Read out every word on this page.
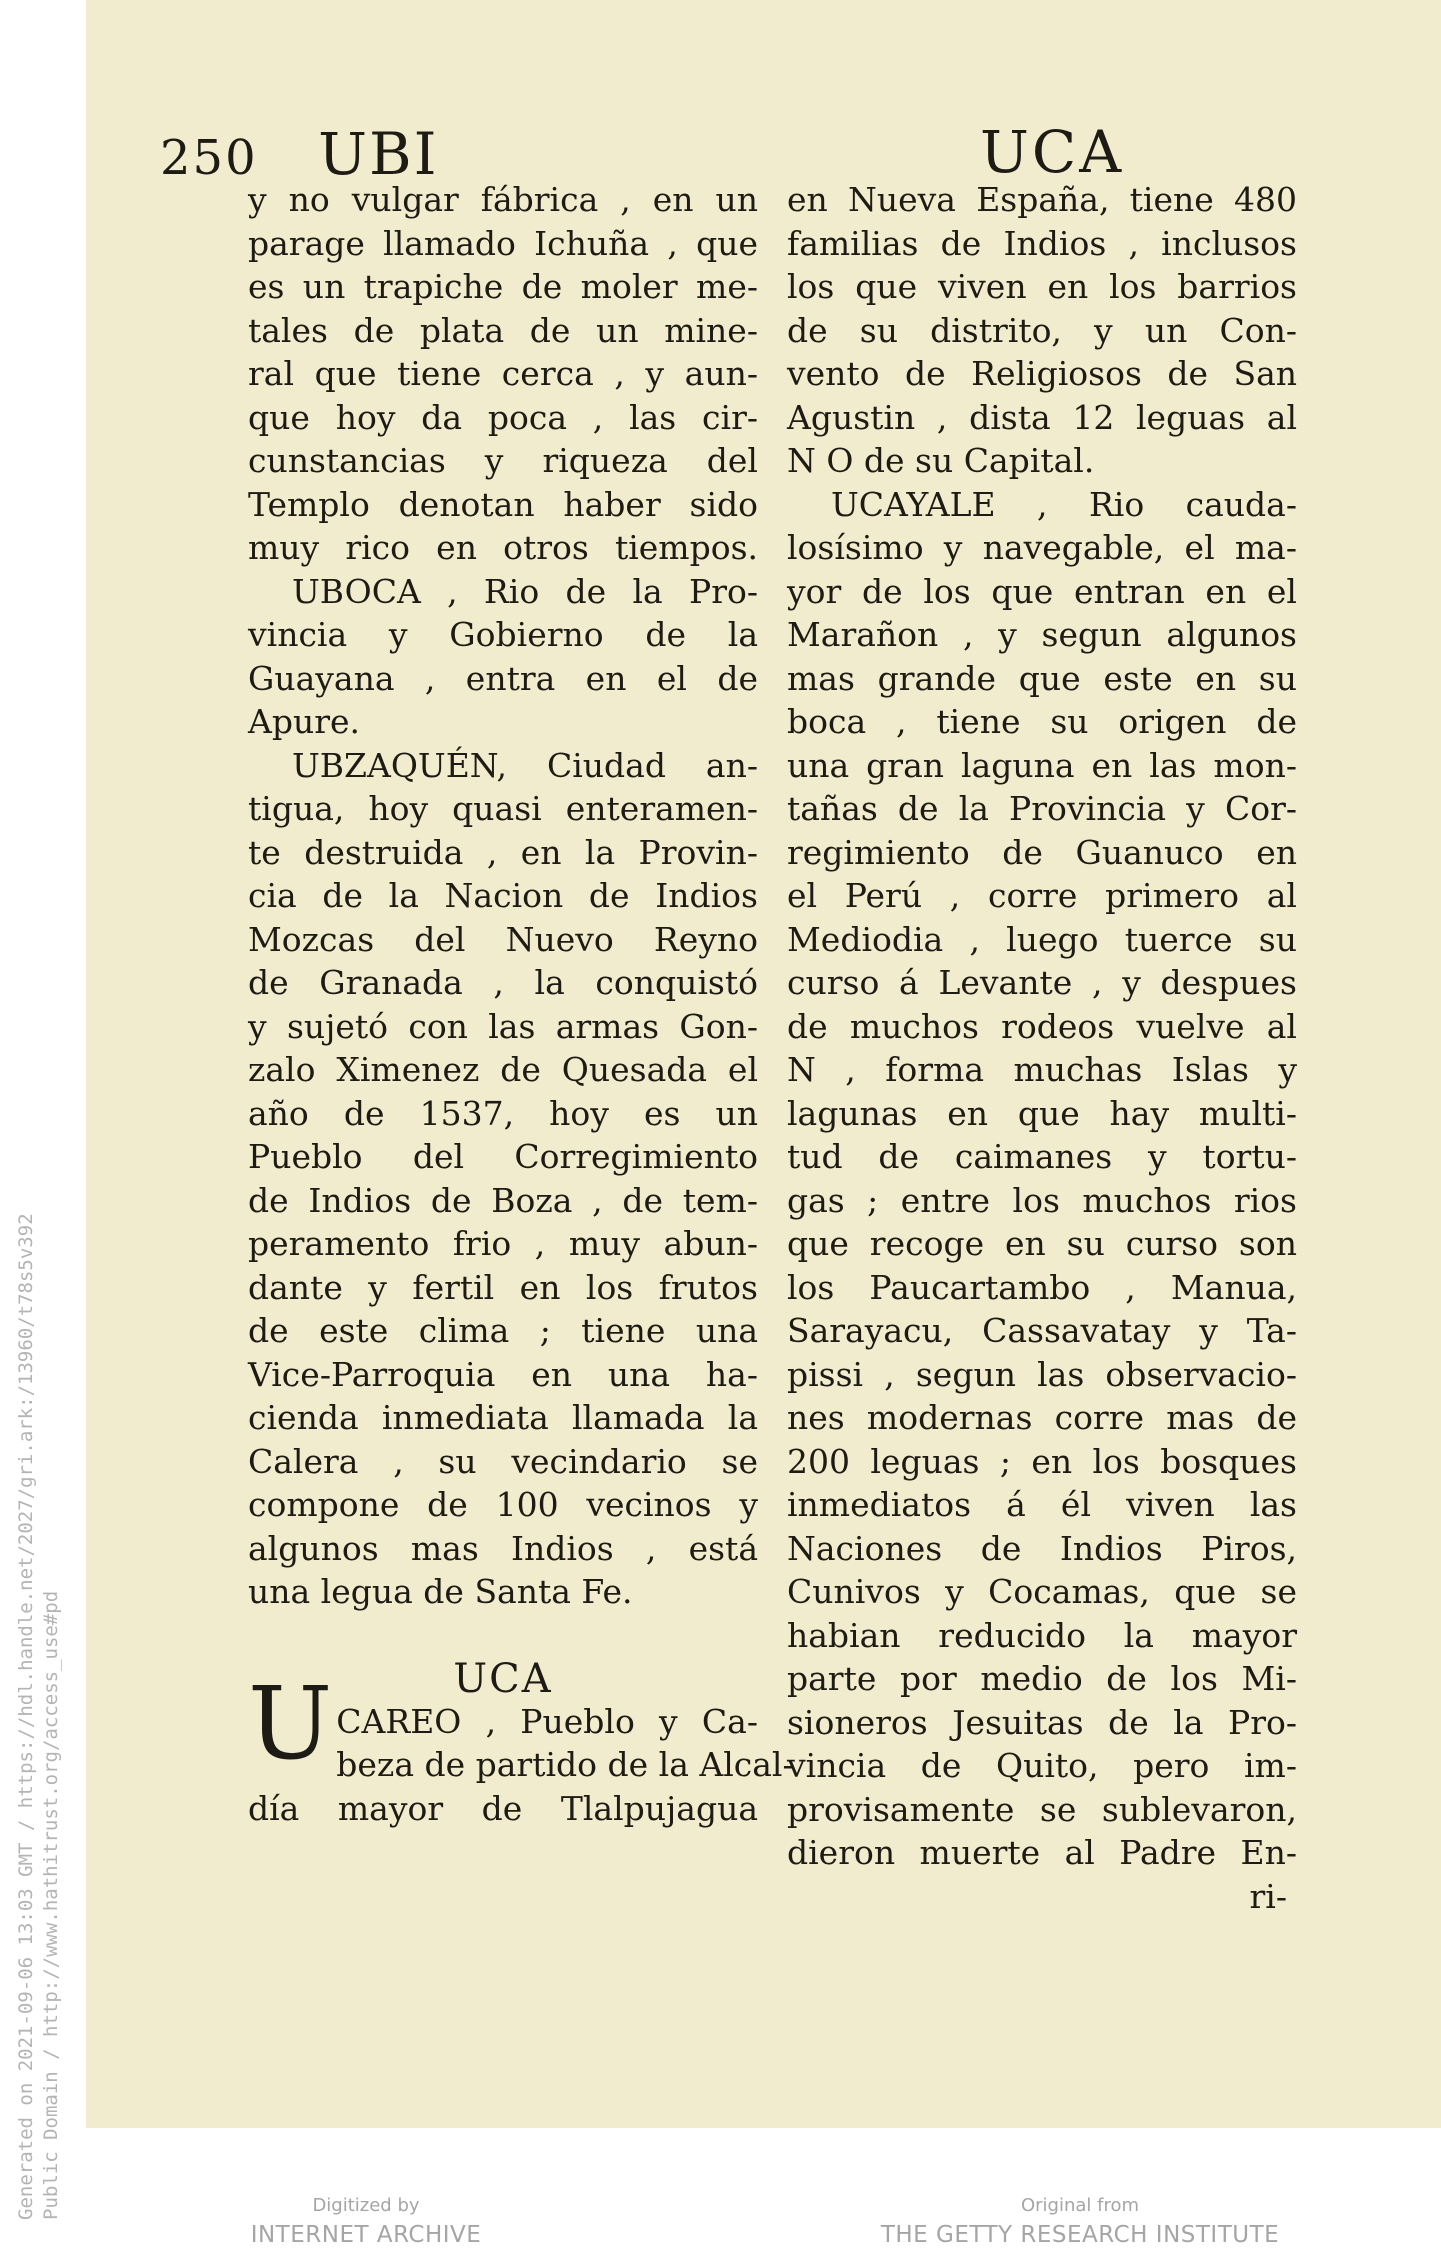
Generated on 2021-09-06 13:03 GMT / https://hdl.handle.net/2027/gri.ark:/13960/t78s5v392 Public Domain / http://www.hathitrust.org/access_use#pd
250 UBI	UCA
y no vulgar fábrica , en un
parage llamado Ichuña , que
es un trapiche de moler me-
tales de plata de un mine-
ral que tiene cerca , y aun-
que hoy da poca , las cir-
cunstancias y riqueza del
Templo denotan haber sido
muy rico en otros tiempos.
UBOCA , Rio de la Pro-
vincia y Gobierno de la
Guayana , entra en el de
Apure.
UBZAQUÉN, Ciudad an-
tigua, hoy quasi enteramen-
te destruida , en la Provin-
cia de la Nacion de Indios
Mozcas del Nuevo Reyno
de Granada , la conquistó
y sujetó con las armas Gon-
zalo Ximenez de Quesada el
año de 1537, hoy es un
Pueblo del Corregimiento
de Indios de Boza , de tem-
peramento frio , muy abun-
dante y fertil en los frutos
de este clima ; tiene una
Vice-Parroquia en una ha-
cienda inmediata llamada la
Calera , su vecindario se
compone de 100 vecinos y
algunos mas Indios , está
una legua de Santa Fe.
UCA
U CAREO , Pueblo y Ca-
beza de partido de la Alcal-
día mayor de Tlalpujagua
en Nueva España, tiene 480
familias de Indios , inclusos
los que viven en los barrios
de su distrito, y un Con-
vento de Religiosos de San
Agustin , dista 12 leguas al
N O de su Capital.
UCAYALE , Rio cauda-
losísimo y navegable, el ma-
yor de los que entran en el
Marañon , y segun algunos
mas grande que este en su
boca , tiene su origen de
una gran laguna en las mon-
tañas de la Provincia y Cor-
regimiento de Guanuco en
el Perú , corre primero al
Mediodia , luego tuerce su
curso á Levante , y despues
de muchos rodeos vuelve al
N , forma muchas Islas y
lagunas en que hay multi-
tud de caimanes y tortu-
gas ; entre los muchos rios
que recoge en su curso son
los Paucartambo , Manua,
Sarayacu, Cassavatay y Ta-
pissi , segun las observacio-
nes modernas corre mas de
200 leguas ; en los bosques
inmediatos á él viven las
Naciones de Indios Piros,
Cunivos y Cocamas, que se
habian reducido la mayor
parte por medio de los Mi-
sioneros Jesuitas de la Pro-
vincia de Quito, pero im-
provisamente se sublevaron,
dieron muerte al Padre En-
ri-
Digitized by
INTERNET ARCHIVE
Original from
THE GETTY RESEARCH INSTITUTE
